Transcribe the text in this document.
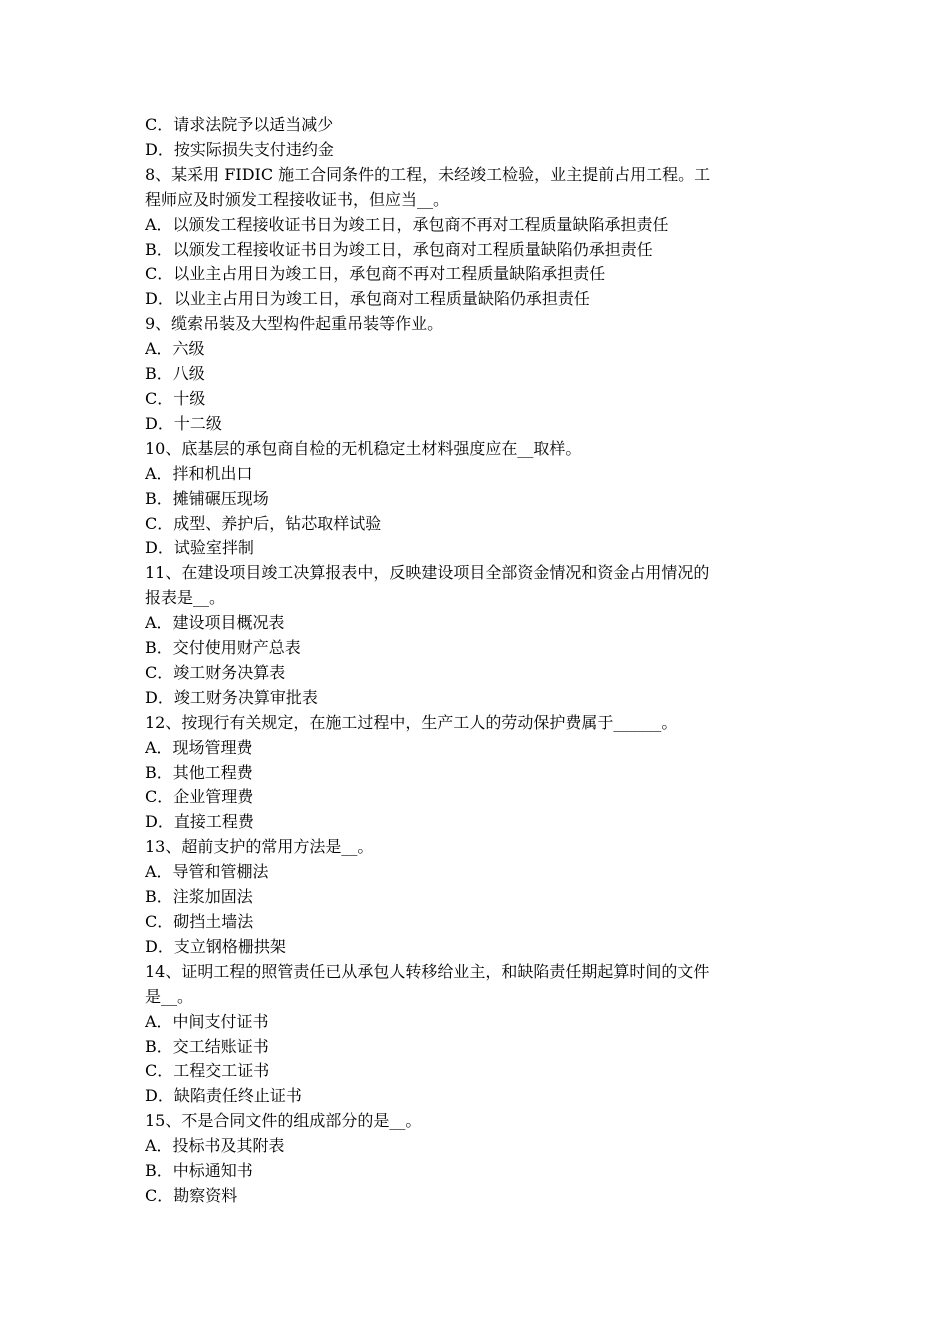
C．请求法院予以适当减少
D．按实际损失支付违约金
8、某采用 FIDIC 施工合同条件的工程，未经竣工检验，业主提前占用工程。工
程师应及时颁发工程接收证书，但应当__。
A．以颁发工程接收证书日为竣工日，承包商不再对工程质量缺陷承担责任
B．以颁发工程接收证书日为竣工日，承包商对工程质量缺陷仍承担责任
C．以业主占用日为竣工日，承包商不再对工程质量缺陷承担责任
D．以业主占用日为竣工日，承包商对工程质量缺陷仍承担责任
9、缆索吊装及大型构件起重吊装等作业。
A．六级
B．八级
C．十级
D．十二级
10、底基层的承包商自检的无机稳定土材料强度应在__取样。
A．拌和机出口
B．摊铺碾压现场
C．成型、养护后，钻芯取样试验
D．试验室拌制
11、在建设项目竣工决算报表中，反映建设项目全部资金情况和资金占用情况的
报表是__。
A．建设项目概况表
B．交付使用财产总表
C．竣工财务决算表
D．竣工财务决算审批表
12、按现行有关规定，在施工过程中，生产工人的劳动保护费属于______。
A．现场管理费
B．其他工程费
C．企业管理费
D．直接工程费
13、超前支护的常用方法是__。
A．导管和管棚法
B．注浆加固法
C．砌挡土墙法
D．支立钢格栅拱架
14、证明工程的照管责任已从承包人转移给业主，和缺陷责任期起算时间的文件
是__。
A．中间支付证书
B．交工结账证书
C．工程交工证书
D．缺陷责任终止证书
15、不是合同文件的组成部分的是__。
A．投标书及其附表
B．中标通知书
C．勘察资料
